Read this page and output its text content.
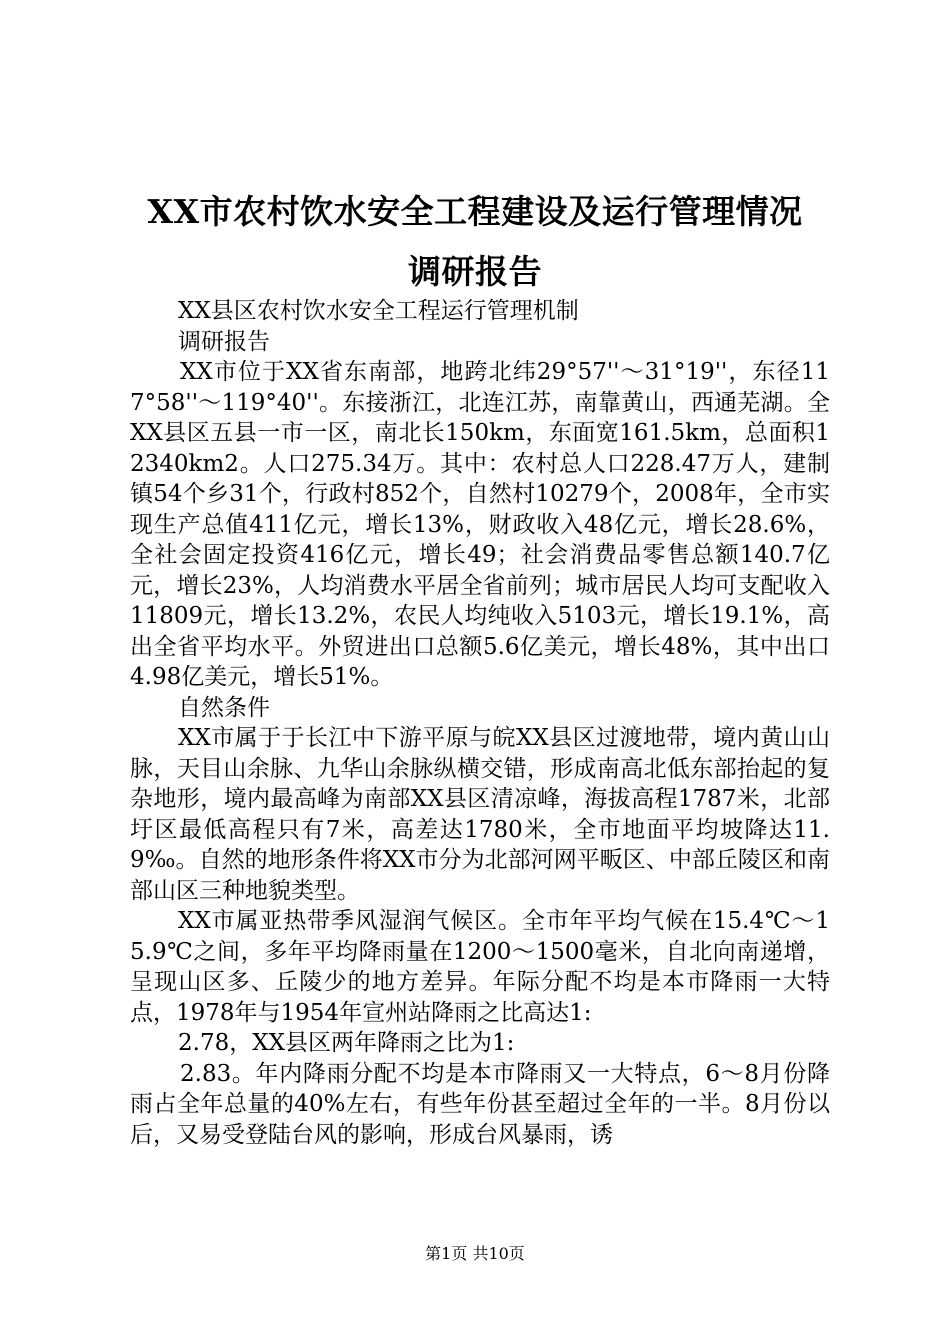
XX市农村饮水安全工程建设及运行管理情况
调研报告

XX县区农村饮水安全工程运行管理机制

调研报告

XX市位于XX省东南部，地跨北纬29°57''～31°19''，东径117°58''～119°40''。东接浙江，北连江苏，南靠黄山，西通芜湖。全XX县区五县一市一区，南北长150km，东面宽161.5km，总面积12340km2。人口275.34万。其中：农村总人口228.47万人，建制镇54个乡31个，行政村852个，自然村10279个，2008年，全市实现生产总值411亿元，增长13%，财政收入48亿元，增长28.6%，全社会固定投资416亿元，增长49；社会消费品零售总额140.7亿元，增长23%，人均消费水平居全省前列；城市居民人均可支配收入11809元，增长13.2%，农民人均纯收入5103元，增长19.1%，高出全省平均水平。外贸进出口总额5.6亿美元，增长48%，其中出口4.98亿美元，增长51%。

自然条件

XX市属于于长江中下游平原与皖XX县区过渡地带，境内黄山山脉，天目山余脉、九华山余脉纵横交错，形成南高北低东部抬起的复杂地形，境内最高峰为南部XX县区清凉峰，海拔高程1787米，北部圩区最低高程只有7米，高差达1780米，全市地面平均坡降达11.9‰。自然的地形条件将XX市分为北部河网平畈区、中部丘陵区和南部山区三种地貌类型。

XX市属亚热带季风湿润气候区。全市年平均气候在15.4℃～15.9℃之间，多年平均降雨量在1200～1500毫米，自北向南递增，呈现山区多、丘陵少的地方差异。年际分配不均是本市降雨一大特点，1978年与1954年宣州站降雨之比高达1:

2.78，XX县区两年降雨之比为1:

2.83。年内降雨分配不均是本市降雨又一大特点，6～8月份降雨占全年总量的40%左右，有些年份甚至超过全年的一半。8月份以后，又易受登陆台风的影响，形成台风暴雨，诱

第1页 共10页
